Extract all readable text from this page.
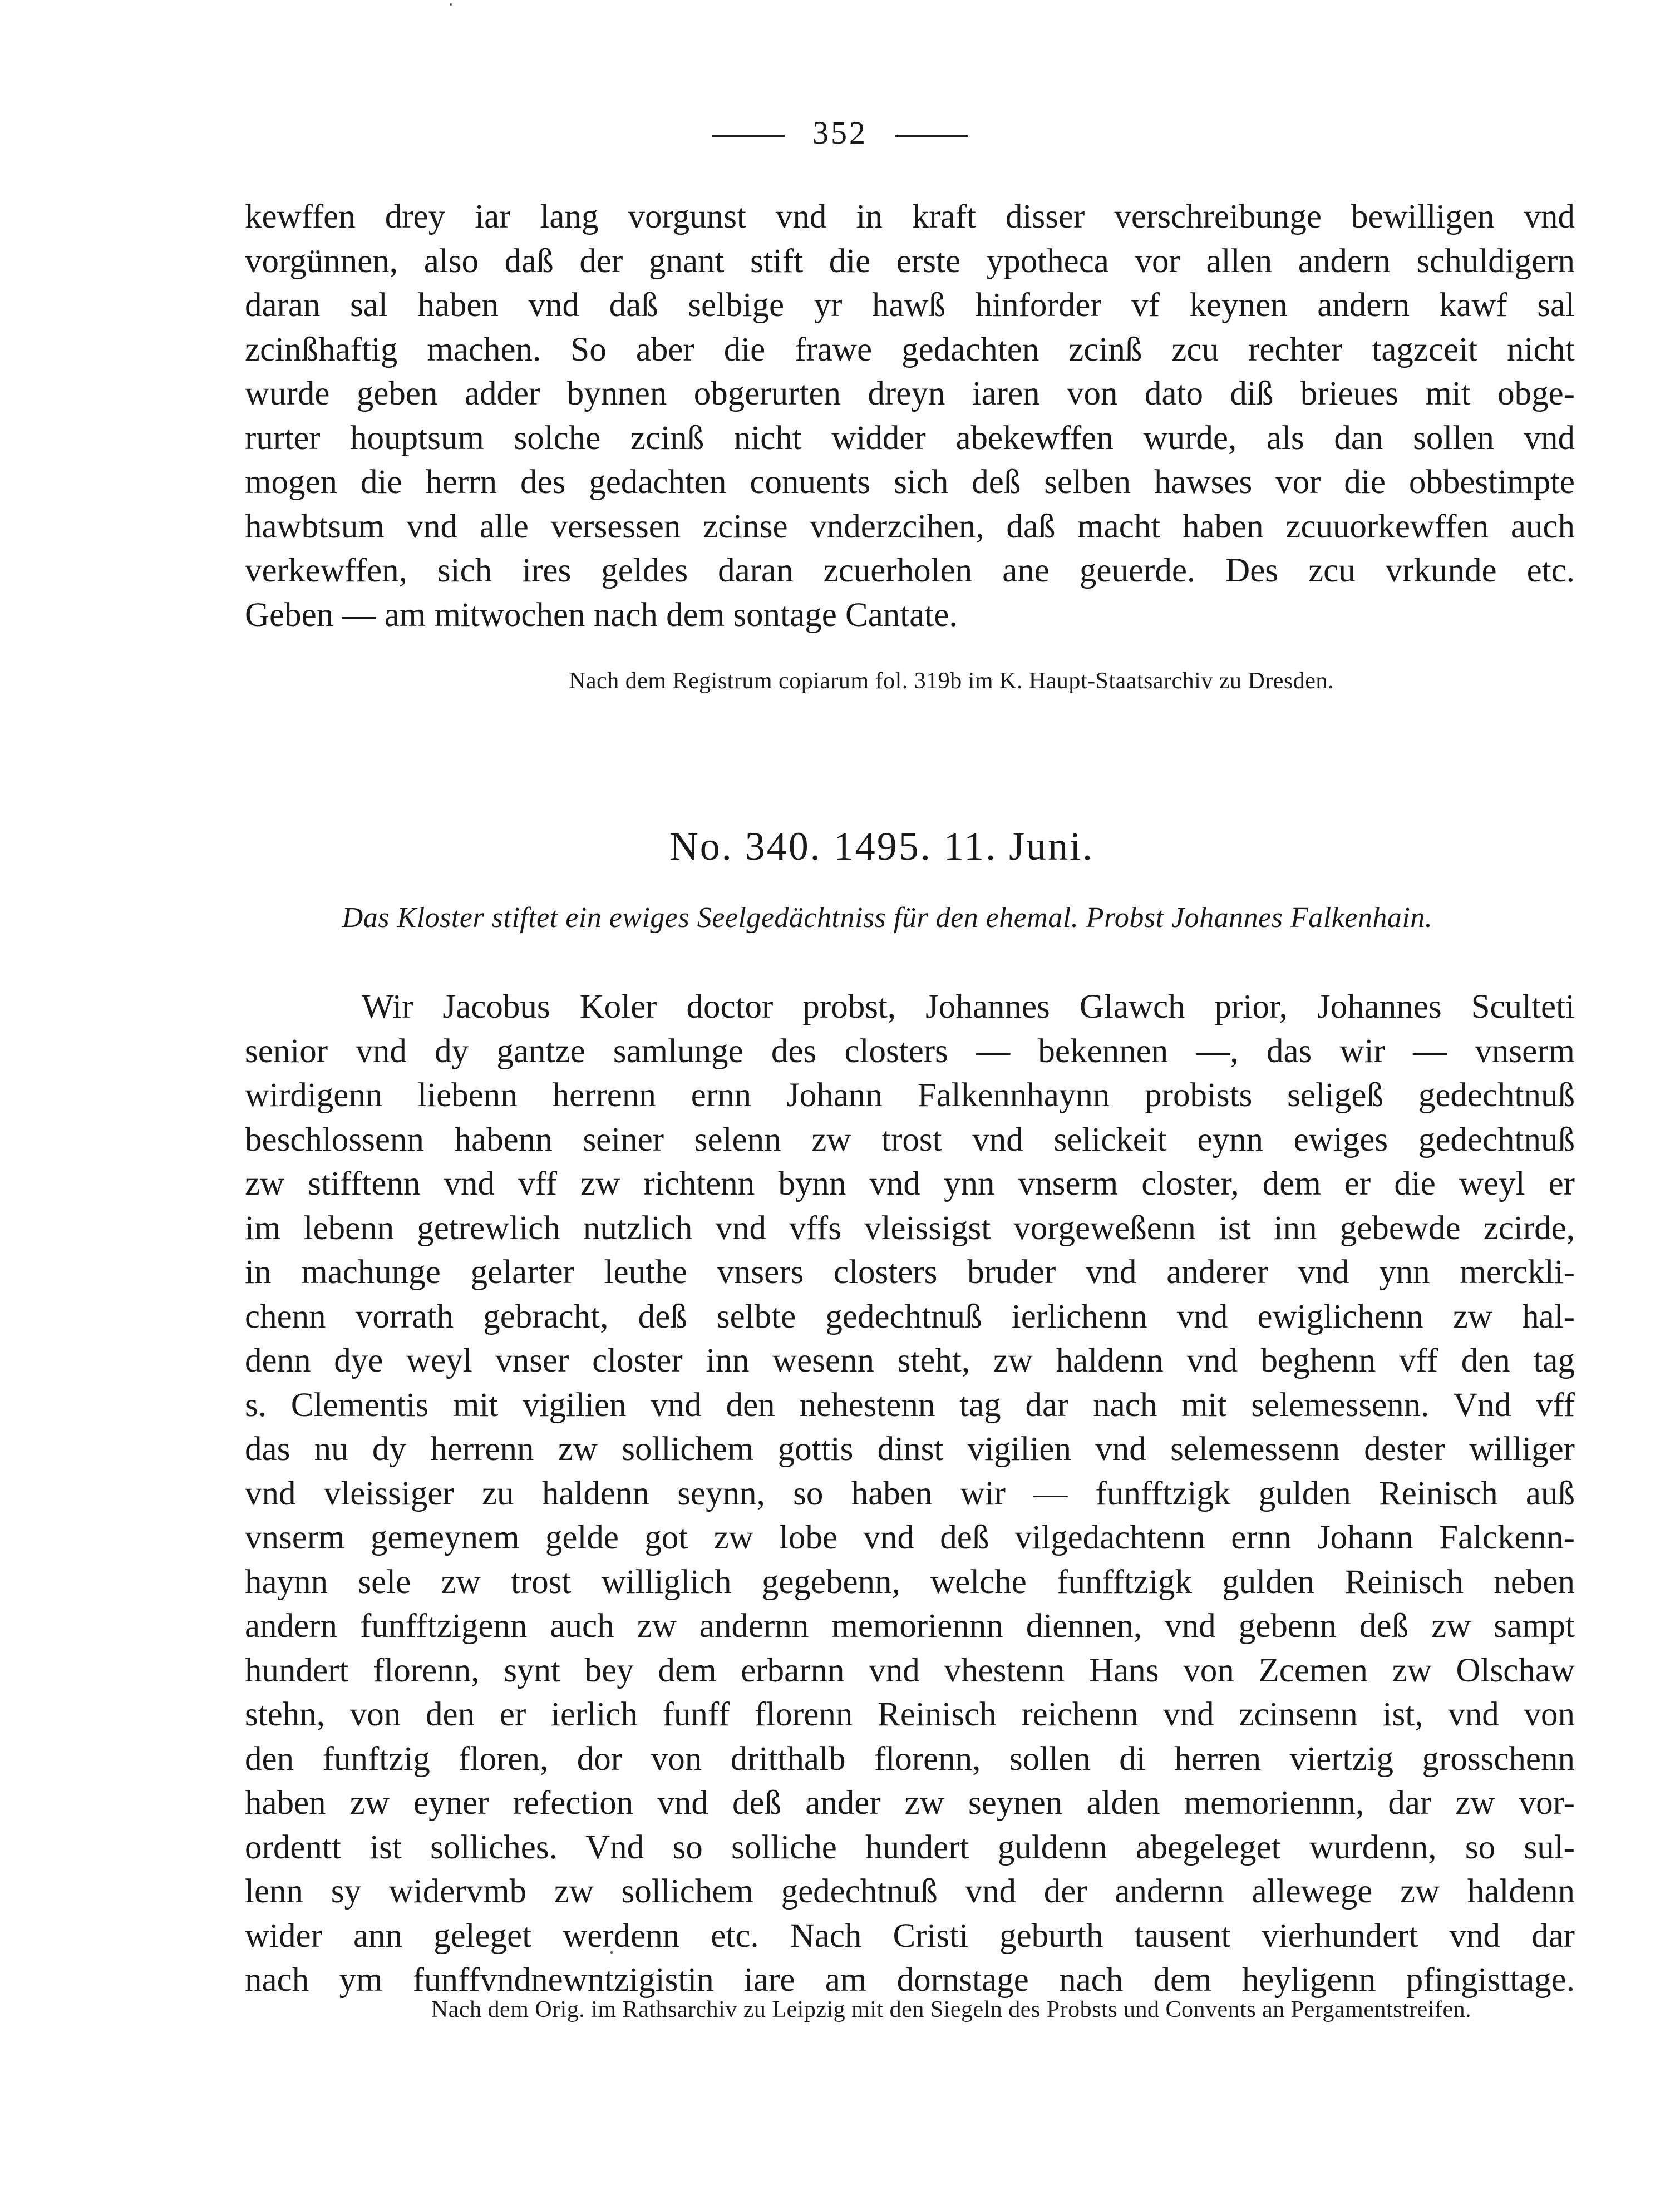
352
kewffen drey iar lang vorgunst vnd in kraft disser verschreibunge bewilligen vnd
vorgünnen, also daß der gnant stift die erste ypotheca vor allen andern schuldigern
daran sal haben vnd daß selbige yr hawß hinforder vf keynen andern kawf sal
zcinßhaftig machen. So aber die frawe gedachten zcinß zcu rechter tagzceit nicht
wurde geben adder bynnen obgerurten dreyn iaren von dato diß brieues mit obge-
rurter houptsum solche zcinß nicht widder abekewffen wurde, als dan sollen vnd
mogen die herrn des gedachten conuents sich deß selben hawses vor die obbestimpte
hawbtsum vnd alle versessen zcinse vnderzcihen, daß macht haben zcuuorkewffen auch
verkewffen, sich ires geldes daran zcuerholen ane geuerde. Des zcu vrkunde etc.
Geben — am mitwochen nach dem sontage Cantate.
Nach dem Registrum copiarum fol. 319b im K. Haupt-Staatsarchiv zu Dresden.
No. 340. 1495. 11. Juni.
Das Kloster stiftet ein ewiges Seelgedächtniss für den ehemal. Probst Johannes Falkenhain.
Wir Jacobus Koler doctor probst, Johannes Glawch prior, Johannes Sculteti
senior vnd dy gantze samlunge des closters — bekennen —, das wir — vnserm
wirdigenn liebenn herrenn ernn Johann Falkennhaynn probists seligeß gedechtnuß
beschlossenn habenn seiner selenn zw trost vnd selickeit eynn ewiges gedechtnuß
zw stifftenn vnd vff zw richtenn bynn vnd ynn vnserm closter, dem er die weyl er
im lebenn getrewlich nutzlich vnd vffs vleissigst vorgeweßenn ist inn gebewde zcirde,
in machunge gelarter leuthe vnsers closters bruder vnd anderer vnd ynn merckli-
chenn vorrath gebracht, deß selbte gedechtnuß ierlichenn vnd ewiglichenn zw hal-
denn dye weyl vnser closter inn wesenn steht, zw haldenn vnd beghenn vff den tag
s. Clementis mit vigilien vnd den nehestenn tag dar nach mit selemessenn. Vnd vff
das nu dy herrenn zw sollichem gottis dinst vigilien vnd selemessenn dester williger
vnd vleissiger zu haldenn seynn, so haben wir — funfftzigk gulden Reinisch auß
vnserm gemeynem gelde got zw lobe vnd deß vilgedachtenn ernn Johann Falckenn-
haynn sele zw trost williglich gegebenn, welche funfftzigk gulden Reinisch neben
andern funfftzigenn auch zw andernn memoriennn diennen, vnd gebenn deß zw sampt
hundert florenn, synt bey dem erbarnn vnd vhestenn Hans von Zcemen zw Olschaw
stehn, von den er ierlich funff florenn Reinisch reichenn vnd zcinsenn ist, vnd von
den funftzig floren, dor von dritthalb florenn, sollen di herren viertzig grosschenn
haben zw eyner refection vnd deß ander zw seynen alden memoriennn, dar zw vor-
ordentt ist solliches. Vnd so solliche hundert guldenn abegeleget wurdenn, so sul-
lenn sy widervmb zw sollichem gedechtnuß vnd der andernn allewege zw haldenn
wider ann geleget werdenn etc. Nach Cristi geburth tausent vierhundert vnd dar
nach ym funffvndnewntzigistin iare am dornstage nach dem heyligenn pfingisttage.
Nach dem Orig. im Rathsarchiv zu Leipzig mit den Siegeln des Probsts und Convents an Pergamentstreifen.
